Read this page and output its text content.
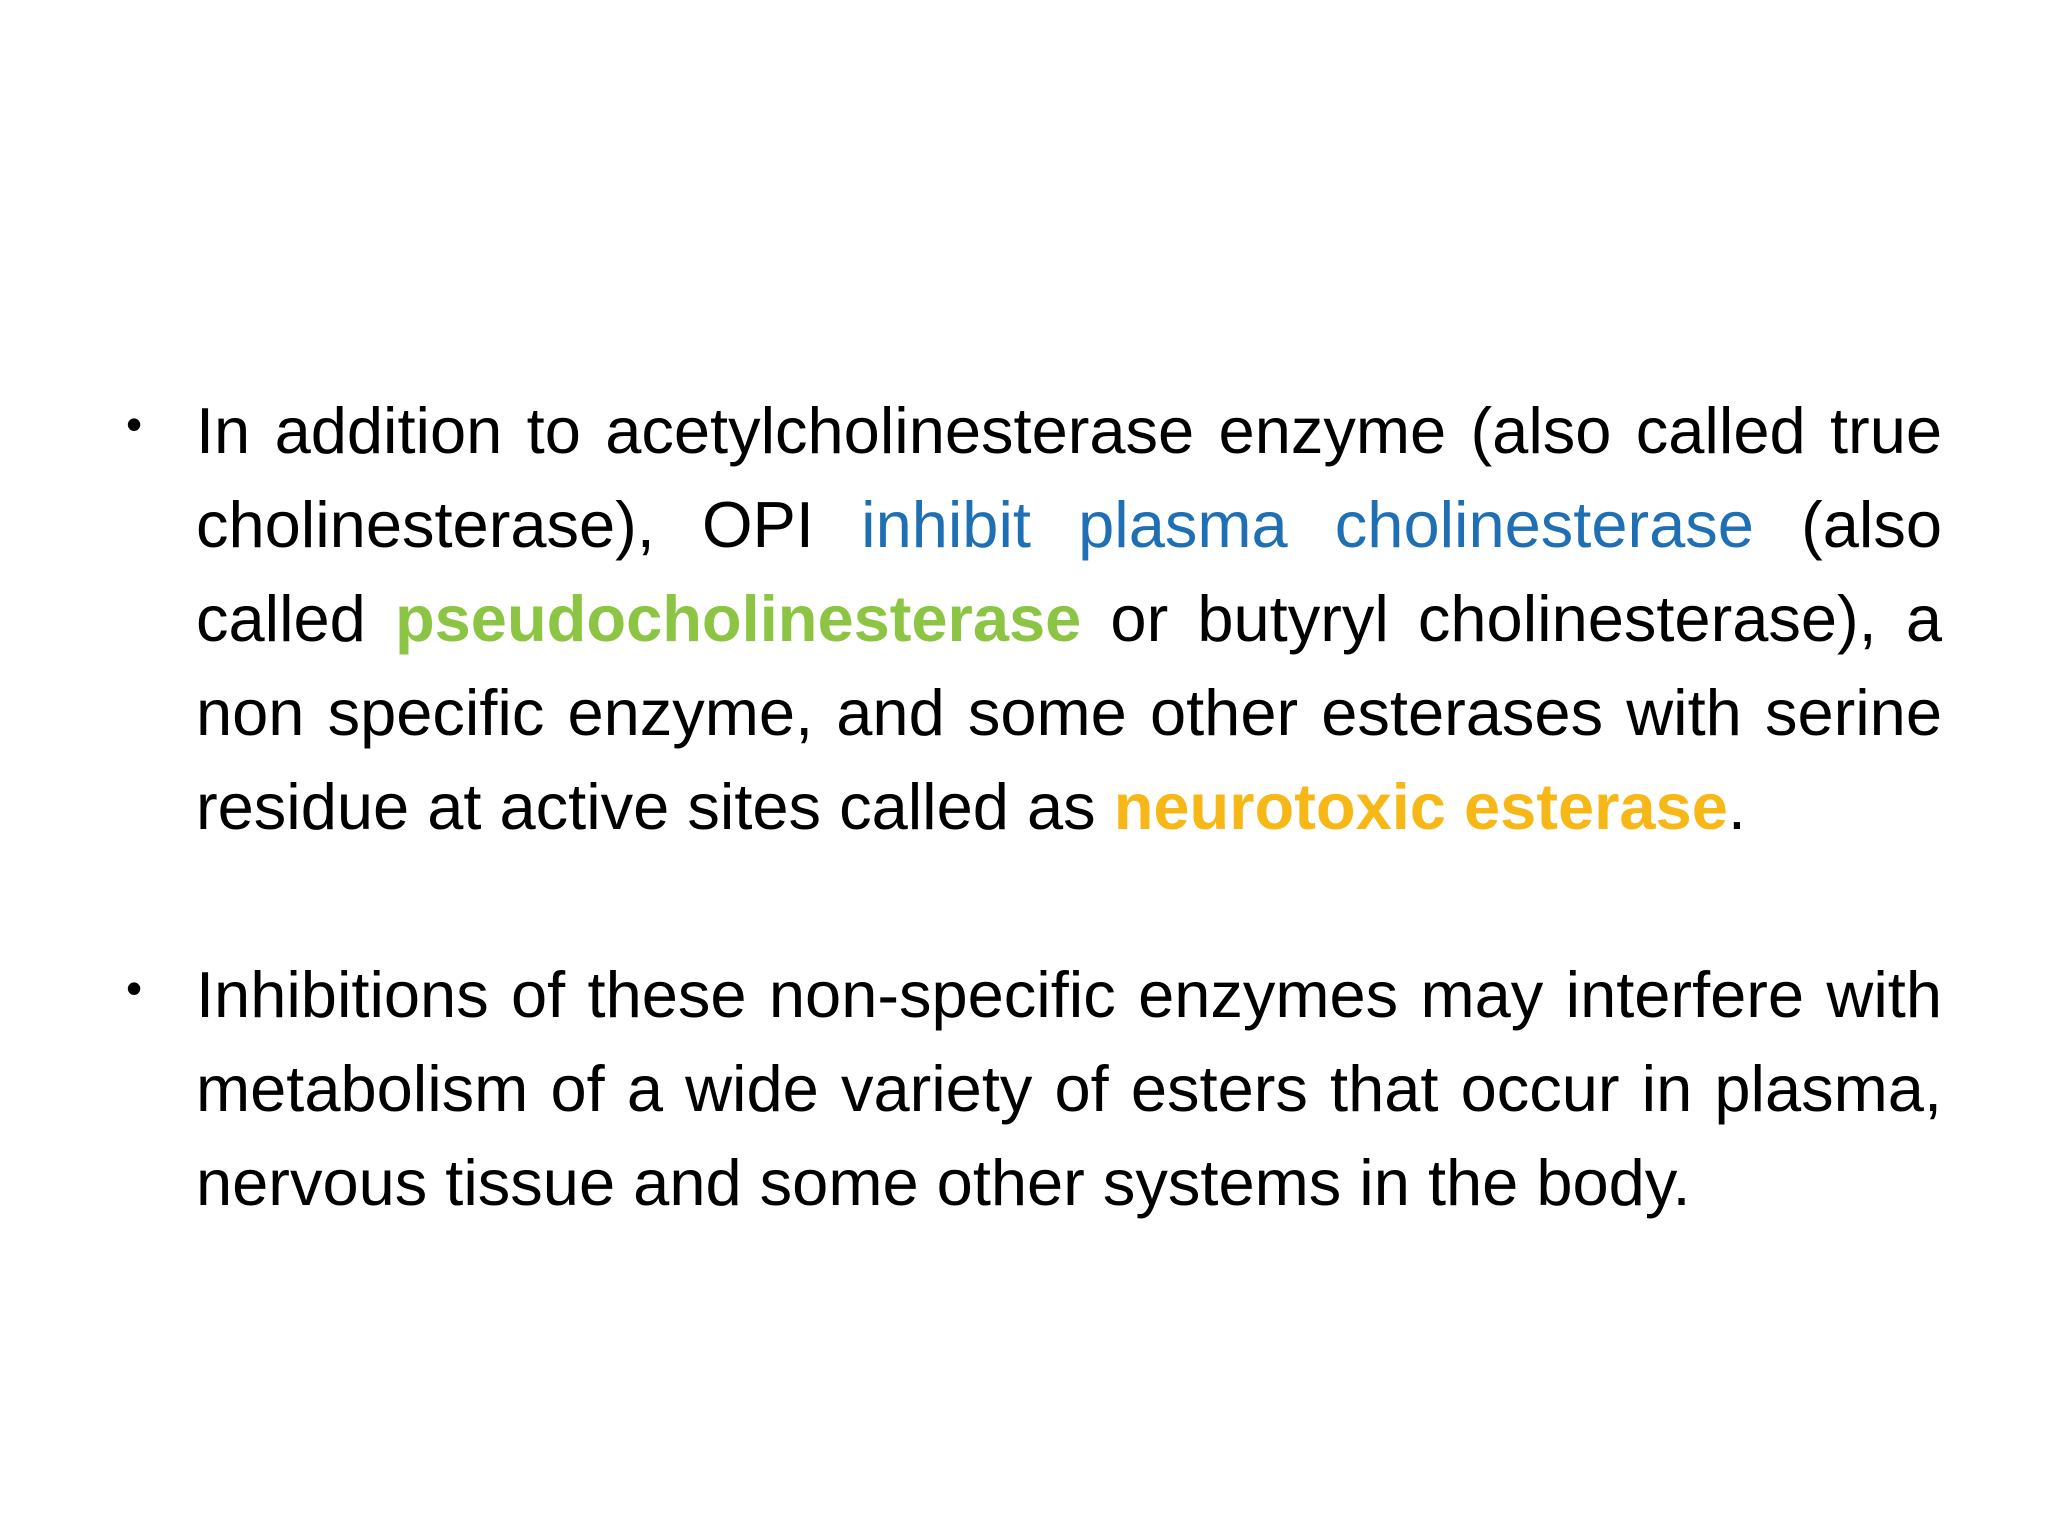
• In addition to acetylcholinesterase enzyme (also called true cholinesterase), OPI inhibit plasma cholinesterase (also called pseudocholinesterase or butyryl cholinesterase), a non specific enzyme, and some other esterases with serine residue at active sites called as neurotoxic esterase.
• Inhibitions of these non-specific enzymes may interfere with metabolism of a wide variety of esters that occur in plasma, nervous tissue and some other systems in the body.
